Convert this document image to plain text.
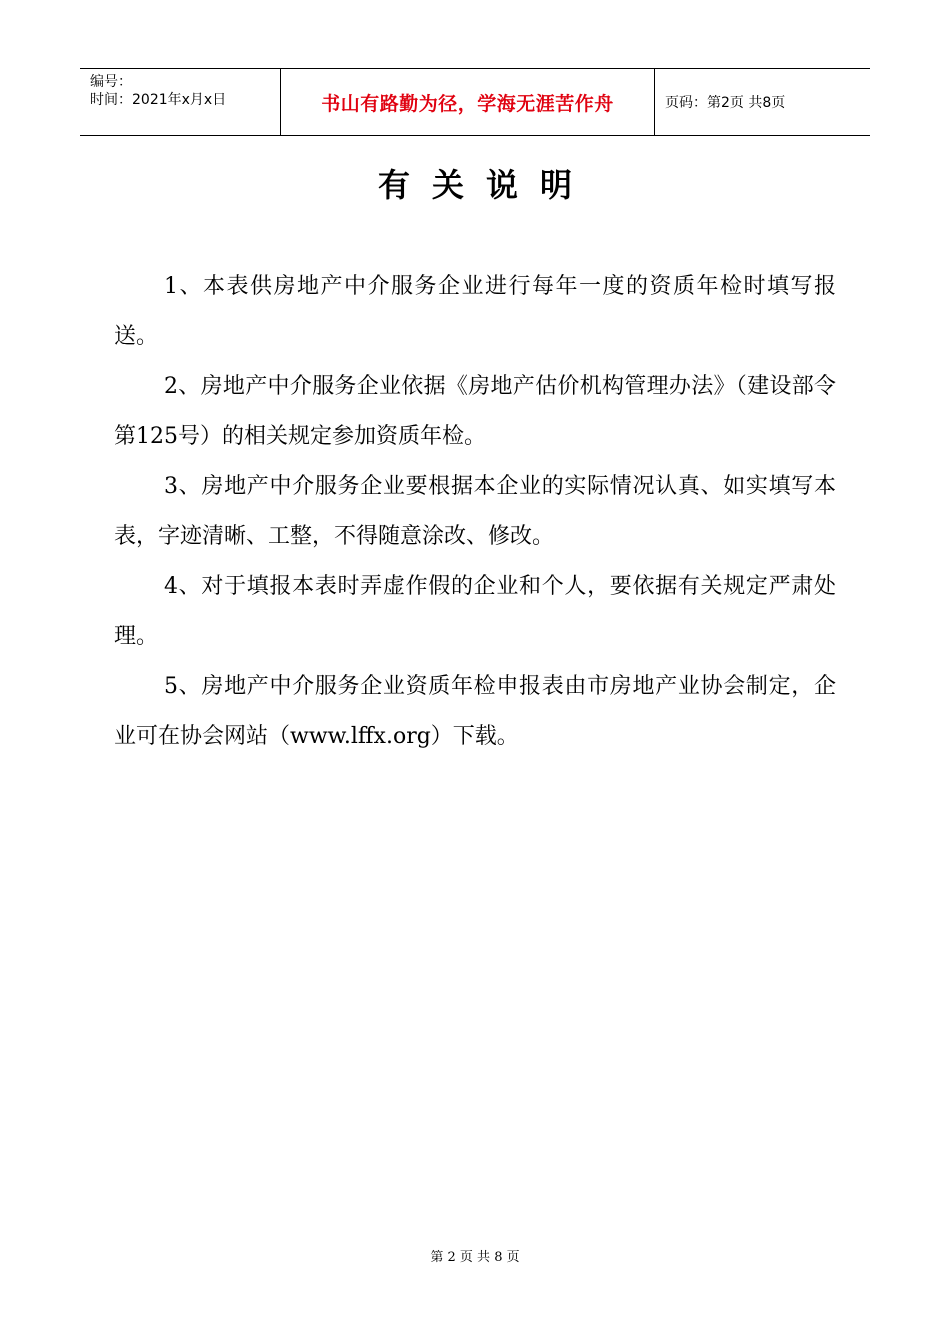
编号：
时间：2021年x月x日	书山有路勤为径，学海无涯苦作舟	页码：第2页 共8页
有关说明

1、本表供房地产中介服务企业进行每年一度的资质年检时填写报送。

2、房地产中介服务企业依据《房地产估价机构管理办法》（建设部令第125号）的相关规定参加资质年检。

3、房地产中介服务企业要根据本企业的实际情况认真、如实填写本表，字迹清晰、工整，不得随意涂改、修改。

4、对于填报本表时弄虚作假的企业和个人，要依据有关规定严肃处理。

5、房地产中介服务企业资质年检申报表由市房地产业协会制定，企业可在协会网站（www.lffx.org）下载。

第 2 页 共 8 页
